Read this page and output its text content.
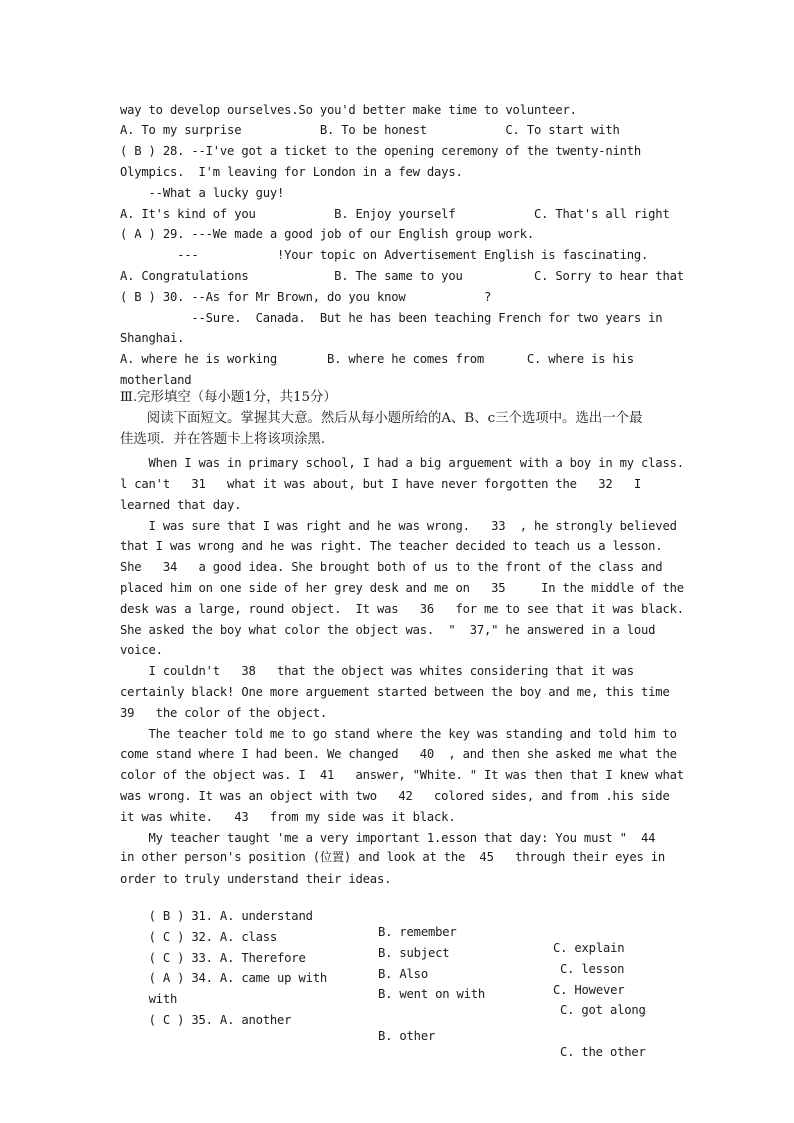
way to develop ourselves.So you'd better make time to volunteer.
A. To my surprise           B. To be honest           C. To start with
( B ) 28. --I've got a ticket to the opening ceremony of the twenty-ninth
Olympics.  I'm leaving for London in a few days.
--What a lucky guy!
A. It's kind of you           B. Enjoy yourself           C. That's all right
( A ) 29. ---We made a good job of our English group work.
---           !Your topic on Advertisement English is fascinating.
A. Congratulations            B. The same to you          C. Sorry to hear that
( B ) 30. --As for Mr Brown, do you know           ?
--Sure.  Canada.  But he has been teaching French for two years in
Shanghai.
A. where he is working       B. where he comes from      C. where is his
motherland
Ⅲ.完形填空（每小题1分，共15分）
　　阅读下面短文。掌握其大意。然后从每小题所给的A、B、c三个选项中。选出一个最
佳选项．并在答题卡上将该项涂黑．
When I was in primary school, I had a big arguement with a boy in my class.
l can't   31   what it was about, but I have never forgotten the   32   I
learned that day.
I was sure that I was right and he was wrong.   33  , he strongly believed
that I was wrong and he was right. The teacher decided to teach us a lesson.
She   34   a good idea. She brought both of us to the front of the class and
placed him on one side of her grey desk and me on   35     In the middle of the
desk was a large, round object.  It was   36   for me to see that it was black.
She asked the boy what color the object was.  "  37," he answered in a loud
voice.
I couldn't   38   that the object was whites considering that it was
certainly black! One more arguement started between the boy and me, this time
39   the color of the object.
The teacher told me to go stand where the key was standing and told him to
come stand where I had been. We changed   40  , and then she asked me what the
color of the object was. I  41   answer, "White. " It was then that I knew what
was wrong. It was an object with two   42   colored sides, and from .his side
it was white.   43   from my side was it black.
My teacher taught 'me a very important 1.esson that day: You must "  44
in other person's position (位置) and look at the  45   through their eyes in
order to truly understand their ideas.

( B ) 31. A. understand

B. remember

C. explain

( C ) 32. A. class

B. subject

C. lesson

( C ) 33. A. Therefore

B. Also

C. However

( A ) 34. A. came up with

B. went on with

C. got along

with

( C ) 35. A. another

B. other

C. the other
